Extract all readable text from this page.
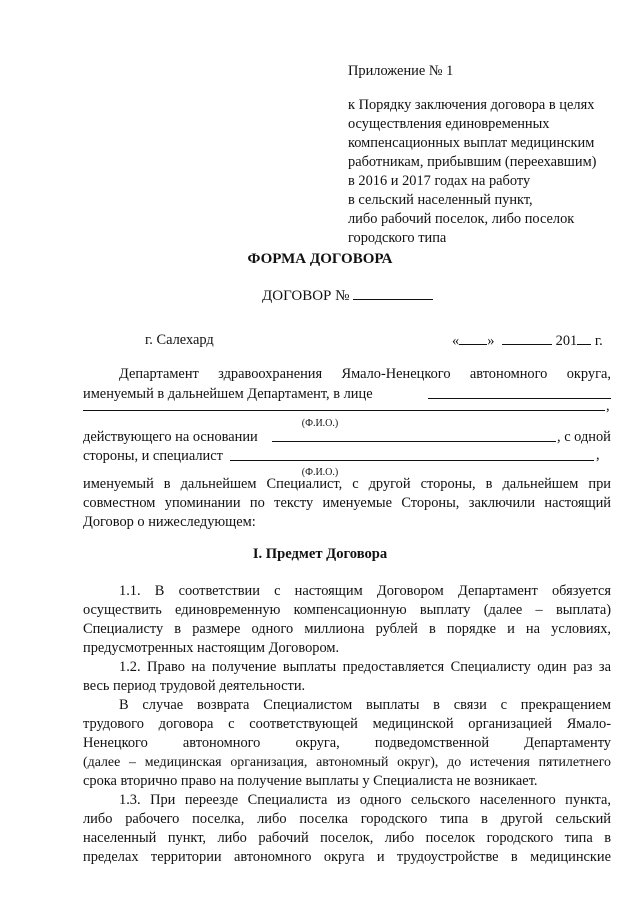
Приложение № 1
к Порядку заключения договора в целях
осуществления единовременных
компенсационных выплат медицинским
работникам, прибывшим (переехавшим)
в 2016 и 2017 годах на работу
в сельский населенный пункт,
либо рабочий поселок, либо поселок
городского типа
ФОРМА ДОГОВОРА
ДОГОВОР №
г. Салехард	« »	201 г.
Департамент здравоохранения Ямало-Ненецкого автономного округа,
именуемый в дальнейшем Департамент, в лице
,
(Ф.И.О.)
действующего на основании	, с одной
стороны, и специалист	,
(Ф.И.О.)
именуемый в дальнейшем Специалист, с другой стороны, в дальнейшем при
совместном упоминании по тексту именуемые Стороны, заключили настоящий
Договор о нижеследующем:
I. Предмет Договора
1.1. В соответствии с настоящим Договором Департамент обязуется
осуществить единовременную компенсационную выплату (далее – выплата)
Специалисту в размере одного миллиона рублей в порядке и на условиях,
предусмотренных настоящим Договором.
1.2. Право на получение выплаты предоставляется Специалисту один раз за
весь период трудовой деятельности.
В случае возврата Специалистом выплаты в связи с прекращением
трудового договора с соответствующей медицинской организацией Ямало-
Ненецкого автономного округа, подведомственной Департаменту
(далее – медицинская организация, автономный округ), до истечения пятилетнего
срока вторично право на получение выплаты у Специалиста не возникает.
1.3. При переезде Специалиста из одного сельского населенного пункта,
либо рабочего поселка, либо поселка городского типа в другой сельский
населенный пункт, либо рабочий поселок, либо поселок городского типа в
пределах территории автономного округа и трудоустройстве в медицинские
